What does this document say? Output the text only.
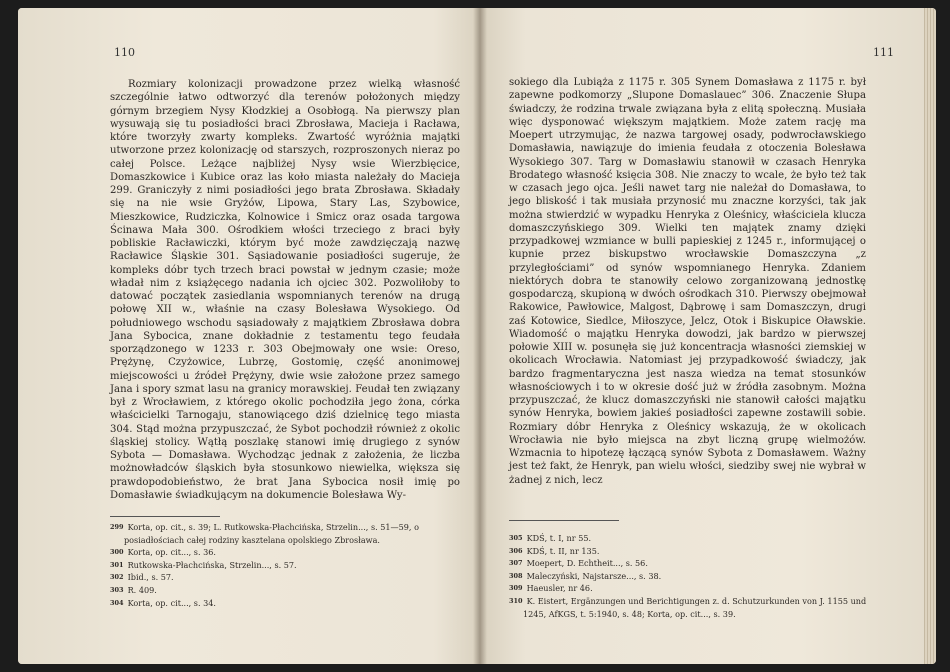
110
Rozmiary kolonizacji prowadzone przez wielką własność szczególnie łatwo odtworzyć dla terenów położonych między górnym brzegiem Nysy Kłodzkiej a Osobłogą. Na pierwszy plan wysuwają się tu posiadłości braci Zbrosława, Macieja i Racława, które tworzyły zwarty kompleks. Zwartość wyróżnia majątki utworzone przez kolonizację od starszych, rozproszonych nieraz po całej Polsce. Leżące najbliżej Nysy wsie Wierzbięcice, Domaszkowice i Kubice oraz las koło miasta należały do Macieja 299. Graniczyły z nimi posiadłości jego brata Zbrosława. Składały się na nie wsie Gryżów, Lipowa, Stary Las, Szybowice, Mieszkowice, Rudziczka, Kolnowice i Smicz oraz osada targowa Ścinawa Mała 300. Ośrodkiem włości trzeciego z braci były pobliskie Racławiczki, którym być może zawdzięczają nazwę Racławice Śląskie 301. Sąsiadowanie posiadłości sugeruje, że kompleks dóbr tych trzech braci powstał w jednym czasie; może władał nim z książęcego nadania ich ojciec 302. Pozwoliłoby to datować początek zasiedlania wspomnianych terenów na drugą połowę XII w., właśnie na czasy Bolesława Wysokiego. Od południowego wschodu sąsiadowały z majątkiem Zbrosława dobra Jana Sybocica, znane dokładnie z testamentu tego feudała sporządzonego w 1233 r. 303 Obejmowały one wsie: Oreso, Prężynę, Czyżowice, Lubrzę, Gostomię, część anonimowej miejscowości u źródeł Prężyny, dwie wsie założone przez samego Jana i spory szmat lasu na granicy morawskiej. Feudał ten związany był z Wrocławiem, z którego okolic pochodziła jego żona, córka właścicielki Tarnogaju, stanowiącego dziś dzielnicę tego miasta 304. Stąd można przypuszczać, że Sybot pochodził również z okolic śląskiej stolicy. Wątłą poszlakę stanowi imię drugiego z synów Sybota — Domasława. Wychodząc jednak z założenia, że liczba możnowładców śląskich była stosunkowo niewielka, większa się prawdopodobieństwo, że brat Jana Sybocica nosił imię po Domasławie świadkującym na dokumencie Bolesława Wy-
299 Korta, op. cit., s. 39; L. Rutkowska-Płachcińska, Strzelin..., s. 51—59, o posiadłościach całej rodziny kasztelana opolskiego Zbrosława.
300 Korta, op. cit..., s. 36.
301 Rutkowska-Płachcińska, Strzelin..., s. 57.
302 Ibid., s. 57.
303 R. 409.
304 Korta, op. cit..., s. 34.
111
sokiego dla Lubiąża z 1175 r. 305 Synem Domasława z 1175 r. był zapewne podkomorzy „Slupone Domaslauec” 306. Znaczenie Słupa świadczy, że rodzina trwale związana była z elitą społeczną. Musiała więc dysponować większym majątkiem. Może zatem rację ma Moepert utrzymując, że nazwa targowej osady, podwrocławskiego Domasławia, nawiązuje do imienia feudała z otoczenia Bolesława Wysokiego 307. Targ w Domasławiu stanowił w czasach Henryka Brodatego własność księcia 308. Nie znaczy to wcale, że było też tak w czasach jego ojca. Jeśli nawet targ nie należał do Domasława, to jego bliskość i tak musiała przynosić mu znaczne korzyści, tak jak można stwierdzić w wypadku Henryka z Oleśnicy, właściciela klucza domaszczyńskiego 309. Wielki ten majątek znamy dzięki przypadkowej wzmiance w bulli papieskiej z 1245 r., informującej o kupnie przez biskupstwo wrocławskie Domaszczyna „z przyległościami” od synów wspomnianego Henryka. Zdaniem niektórych dobra te stanowiły celowo zorganizowaną jednostkę gospodarczą, skupioną w dwóch ośrodkach 310. Pierwszy obejmował Rakowice, Pawłowice, Malgost, Dąbrowę i sam Domaszczyn, drugi zaś Kotowice, Siedlce, Miłoszyce, Jelcz, Otok i Biskupice Oławskie. Wiadomość o majątku Henryka dowodzi, jak bardzo w pierwszej połowie XIII w. posunęła się już koncentracja własności ziemskiej w okolicach Wrocławia. Natomiast jej przypadkowość świadczy, jak bardzo fragmentaryczna jest nasza wiedza na temat stosunków własnościowych i to w okresie dość już w źródła zasobnym. Można przypuszczać, że klucz domaszczyński nie stanowił całości majątku synów Henryka, bowiem jakieś posiadłości zapewne zostawili sobie. Rozmiary dóbr Henryka z Oleśnicy wskazują, że w okolicach Wrocławia nie było miejsca na zbyt liczną grupę wielmożów. Wzmacnia to hipotezę łączącą synów Sybota z Domasławem. Ważny jest też fakt, że Henryk, pan wielu włości, siedziby swej nie wybrał w żadnej z nich, lecz
305 KDŚ, t. I, nr 55.
306 KDŚ, t. II, nr 135.
307 Moepert, D. Echtheit..., s. 56.
308 Maleczyński, Najstarsze..., s. 38.
309 Haeusler, nr 46.
310 K. Eistert, Ergänzungen und Berichtigungen z. d. Schutzurkunden von J. 1155 und 1245, AfKGS, t. 5:1940, s. 48; Korta, op. cit..., s. 39.
